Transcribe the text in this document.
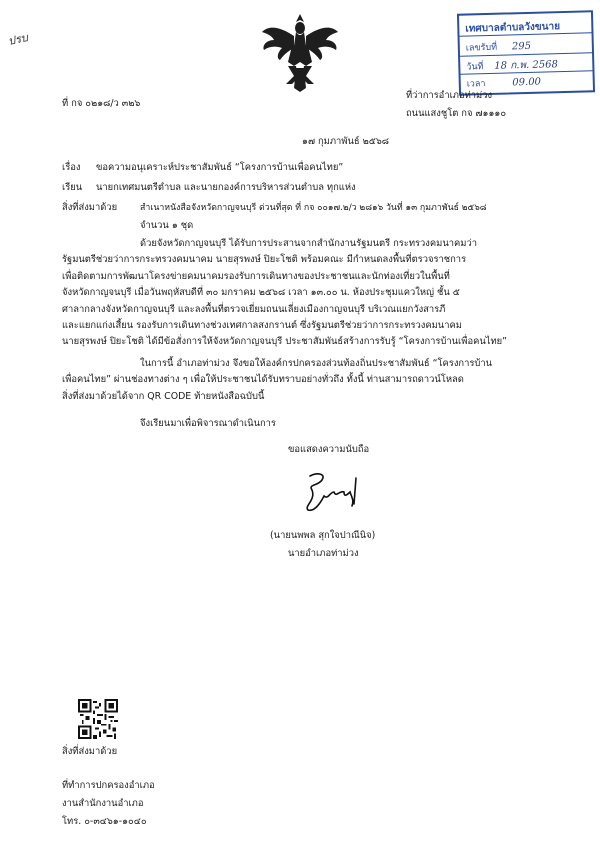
ปรบ
เทศบาลตำบลวังขนาย
เลขรับที่ 295
วันที่ 18 ก.พ. 2568
เวลา	09.00
ที่ กจ ๐๒๑๘/ว ๓๒๖
ที่ว่าการอำเภอท่าม่วง
ถนนแสงชูโต กจ ๗๑๑๑๐
๑๗ กุมภาพันธ์ ๒๕๖๘
เรื่อง ขอความอนุเคราะห์ประชาสัมพันธ์ “โครงการบ้านเพื่อคนไทย”
เรียน นายกเทศมนตรีตำบล และนายกองค์การบริหารส่วนตำบล ทุกแห่ง
สิ่งที่ส่งมาด้วย	สำเนาหนังสือจังหวัดกาญจนบุรี ด่วนที่สุด ที่ กจ ๐๐๑๗.๒/ว ๒๘๑๖ วันที่ ๑๓ กุมภาพันธ์ ๒๕๖๘
จำนวน ๑ ชุด
ด้วยจังหวัดกาญจนบุรี ได้รับการประสานจากสำนักงานรัฐมนตรี กระทรวงคมนาคมว่า
รัฐมนตรีช่วยว่าการกระทรวงคมนาคม นายสุรพงษ์ ปิยะโชติ พร้อมคณะ มีกำหนดลงพื้นที่ตรวจราชการ
เพื่อติดตามการพัฒนาโครงข่ายคมนาคมรองรับการเดินทางของประชาชนและนักท่องเที่ยวในพื้นที่
จังหวัดกาญจนบุรี เมื่อวันพฤหัสบดีที่ ๓๐ มกราคม ๒๕๖๘ เวลา ๑๓.๐๐ น. ห้องประชุมแควใหญ่ ชั้น ๕
ศาลากลางจังหวัดกาญจนบุรี และลงพื้นที่ตรวจเยี่ยมถนนเลี่ยงเมืองกาญจนบุรี บริเวณแยกวังสารภี
และแยกแก่งเสี้ยน รองรับการเดินทางช่วงเทศกาลสงกรานต์ ซึ่งรัฐมนตรีช่วยว่าการกระทรวงคมนาคม
นายสุรพงษ์ ปิยะโชติ ได้มีข้อสั่งการให้จังหวัดกาญจนบุรี ประชาสัมพันธ์สร้างการรับรู้ “โครงการบ้านเพื่อคนไทย”
ในการนี้ อำเภอท่าม่วง จึงขอให้องค์กรปกครองส่วนท้องถิ่นประชาสัมพันธ์ “โครงการบ้าน
เพื่อคนไทย” ผ่านช่องทางต่าง ๆ เพื่อให้ประชาชนได้รับทราบอย่างทั่วถึง ทั้งนี้ ท่านสามารถดาวน์โหลด
สิ่งที่ส่งมาด้วยได้จาก QR CODE ท้ายหนังสือฉบับนี้
จึงเรียนมาเพื่อพิจารณาดำเนินการ
ขอแสดงความนับถือ
(นายนพพล สุกใจปาณีนิจ)
นายอำเภอท่าม่วง
สิ่งที่ส่งมาด้วย
ที่ทำการปกครองอำเภอ
งานสำนักงานอำเภอ
โทร. ๐-๓๔๖๑-๑๐๔๐
